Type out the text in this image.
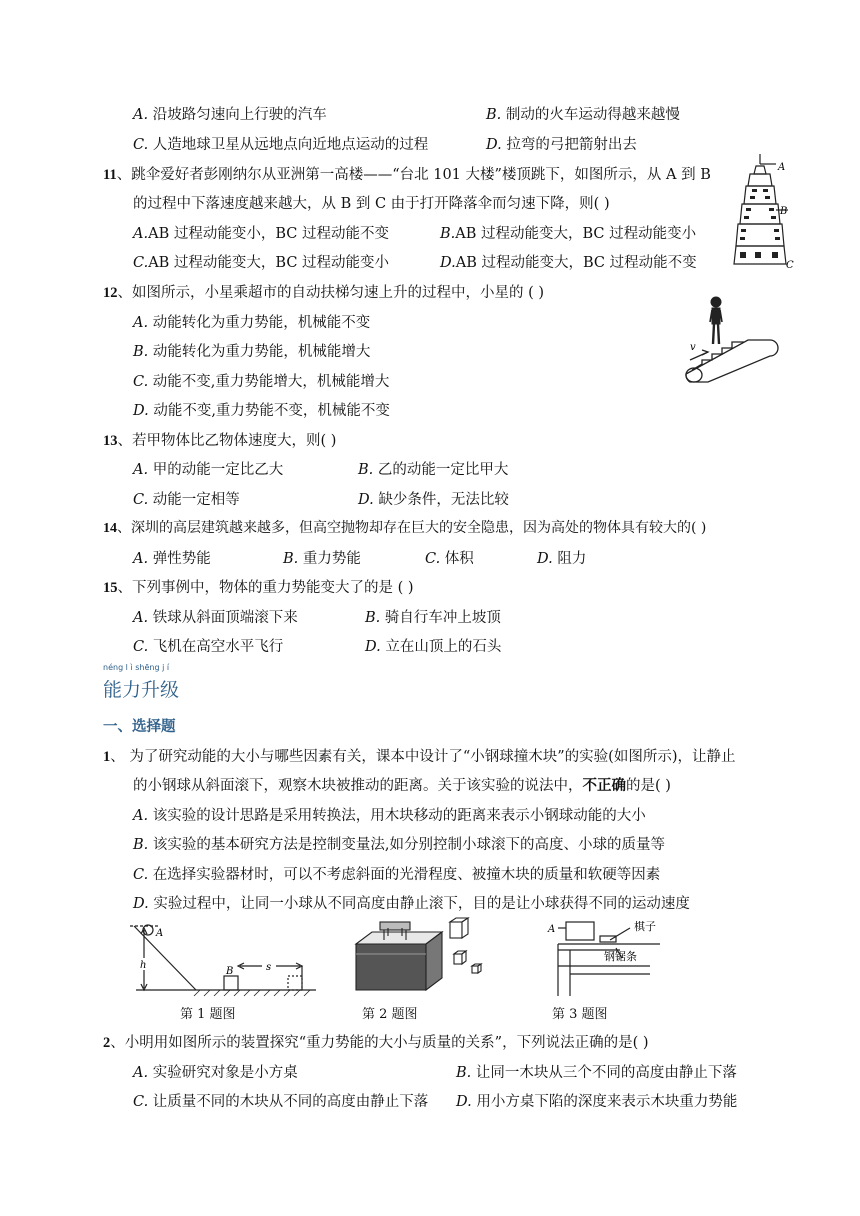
A. 沿坡路匀速向上行驶的汽车	B. 制动的火车运动得越来越慢
C. 人造地球卫星从远地点向近地点运动的过程	D. 拉弯的弓把箭射出去
11、跳伞爱好者彭刚纳尔从亚洲第一高楼——“台北 101 大楼”楼顶跳下，如图所示，从 A 到 B
的过程中下落速度越来越大，从 B 到 C 由于打开降落伞而匀速下降，则( )
A.AB 过程动能变小，BC 过程动能不变	B.AB 过程动能变大，BC 过程动能变小
C.AB 过程动能变大，BC 过程动能变小	D.AB 过程动能变大，BC 过程动能不变
A
B
C
12、如图所示，小星乘超市的自动扶梯匀速上升的过程中，小星的 ( )
A. 动能转化为重力势能，机械能不变
B. 动能转化为重力势能，机械能增大
C. 动能不变,重力势能增大，机械能增大
D. 动能不变,重力势能不变，机械能不变
v
13、若甲物体比乙物体速度大，则( )
A. 甲的动能一定比乙大	B. 乙的动能一定比甲大
C. 动能一定相等	D. 缺少条件，无法比较
14、深圳的高层建筑越来越多，但高空抛物却存在巨大的安全隐患，因为高处的物体具有较大的( )
A. 弹性势能	B. 重力势能	C. 体积	D. 阻力
15、下列事例中，物体的重力势能变大了的是 ( )
A. 铁球从斜面顶端滚下来	B. 骑自行车冲上坡顶
C. 飞机在高空水平飞行	D. 立在山顶上的石头
néng l ì shēng j í
能力升级
一、选择题
1、 为了研究动能的大小与哪些因素有关，课本中设计了“小钢球撞木块”的实验(如图所示)，让静止
的小钢球从斜面滚下，观察木块被推动的距离。关于该实验的说法中，不正确的是( )
A. 该实验的设计思路是采用转换法，用木块移动的距离来表示小钢球动能的大小
B. 该实验的基本研究方法是控制变量法,如分别控制小球滚下的高度、小球的质量等
C. 在选择实验器材时，可以不考虑斜面的光滑程度、被撞木块的质量和软硬等因素
D. 实验过程中，让同一小球从不同高度由静止滚下，目的是让小球获得不同的运动速度
A
h
B	s
第 1 题图	第 2 题图
A	棋子
钢锯条
第 3 题图
2、小明用如图所示的装置探究“重力势能的大小与质量的关系”，下列说法正确的是( )
A. 实验研究对象是小方桌	B. 让同一木块从三个不同的高度由静止下落
C. 让质量不同的木块从不同的高度由静止下落 D. 用小方桌下陷的深度来表示木块重力势能
